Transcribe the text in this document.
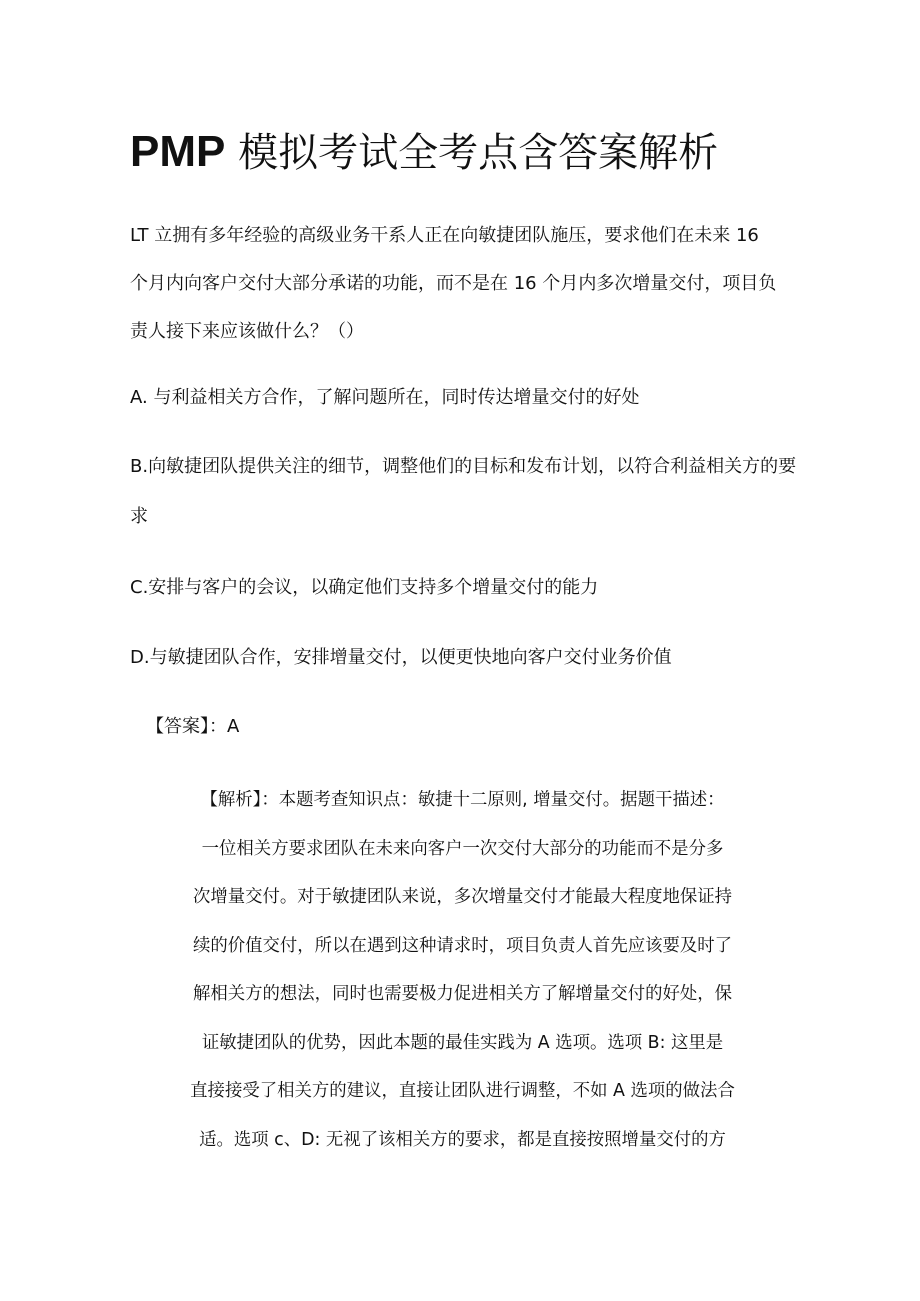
PMP 模拟考试全考点含答案解析

LT 立拥有多年经验的高级业务干系人正在向敏捷团队施压，要求他们在未来 16
个月内向客户交付大部分承诺的功能，而不是在 16 个月内多次增量交付，项目负
责人接下来应该做什么？（）

A. 与利益相关方合作，了解问题所在，同时传达增量交付的好处

B.向敏捷团队提供关注的细节，调整他们的目标和发布计划，以符合利益相关方的要求

C.安排与客户的会议，以确定他们支持多个增量交付的能力

D.与敏捷团队合作，安排增量交付，以便更快地向客户交付业务价值

【答案】：A

【解析】：本题考查知识点：敏捷十二原则, 增量交付。据题干描述：
一位相关方要求团队在未来向客户一次交付大部分的功能而不是分多
次增量交付。对于敏捷团队来说，多次增量交付才能最大程度地保证持
续的价值交付，所以在遇到这种请求时，项目负责人首先应该要及时了
解相关方的想法，同时也需要极力促进相关方了解增量交付的好处，保
证敏捷团队的优势，因此本题的最佳实践为 A 选项。选项 B: 这里是
直接接受了相关方的建议，直接让团队进行调整，不如 A 选项的做法合
适。选项 c、D: 无视了该相关方的要求，都是直接按照增量交付的方
